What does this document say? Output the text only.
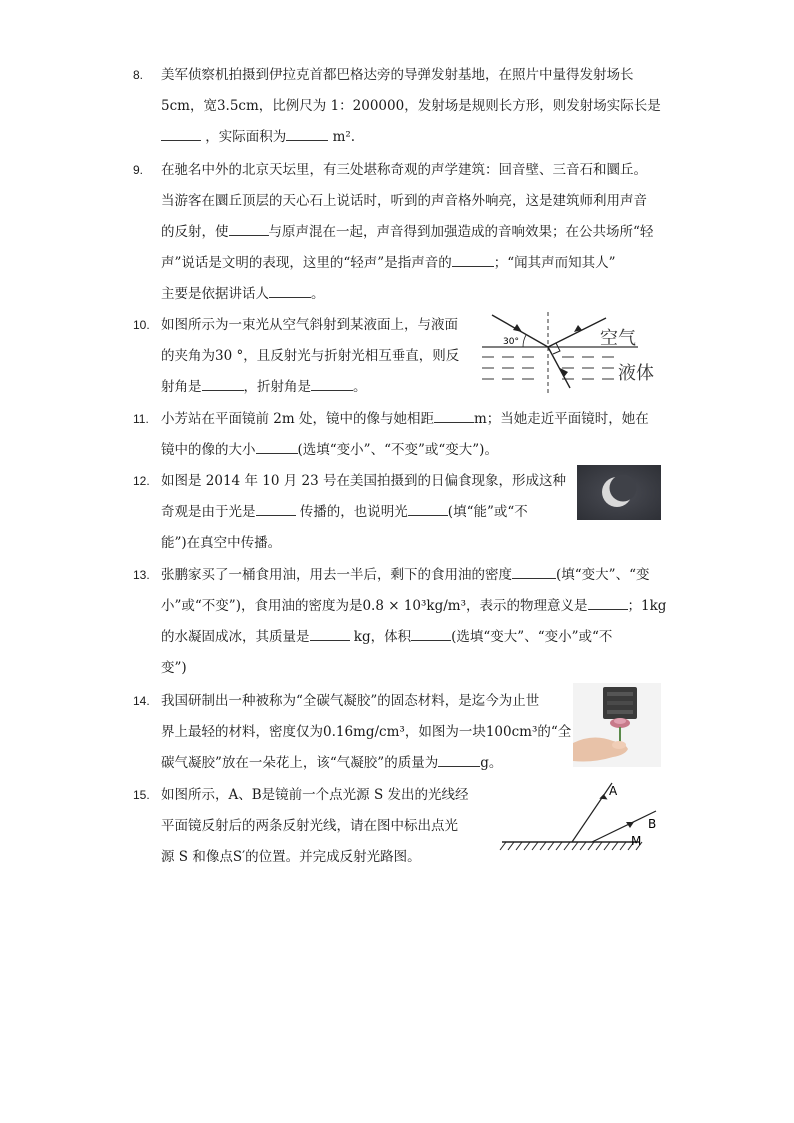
8.	美军侦察机拍摄到伊拉克首都巴格达旁的导弹发射基地，在照片中量得发射场长
5cm，宽3.5cm，比例尺为 1：200000，发射场是规则长方形，则发射场实际长是
，实际面积为	m².
9.	在驰名中外的北京天坛里，有三处堪称奇观的声学建筑：回音壁、三音石和圜丘。
当游客在圜丘顶层的天心石上说话时，听到的声音格外响亮，这是建筑师利用声音
的反射，使	与原声混在一起，声音得到加强造成的音响效果；在公共场所“轻
声”说话是文明的表现，这里的“轻声”是指声音的	；“闻其声而知其人”
主要是依据讲话人	。
10. 如图所示为一束光从空气斜射到某液面上，与液面
的夹角为30 °，且反射光与折射光相互垂直，则反
射角是	，折射角是	。
30°	空气
液体
11. 小芳站在平面镜前 2m 处，镜中的像与她相距	m；当她走近平面镜时，她在
镜中的像的大小	(选填“变小”、“不变”或“变大”)。
12. 如图是 2014 年 10 月 23 号在美国拍摄到的日偏食现象，形成这种
奇观是由于光是	传播的，也说明光	(填“能”或“不
能”)在真空中传播。
13. 张鹏家买了一桶食用油，用去一半后，剩下的食用油的密度	(填“变大”、“变
小”或“不变”)，食用油的密度为是0.8 × 10³kg/m³，表示的物理意义是	；1kg
的水凝固成冰，其质量是	kg，体积	(选填“变大”、“变小”或“不
变”)
14. 我国研制出一种被称为“全碳气凝胶”的固态材料，是迄今为止世
界上最轻的材料，密度仅为0.16mg/cm³，如图为一块100cm³的“全
碳气凝胶”放在一朵花上，该“气凝胶”的质量为	g。
15. 如图所示，A、B是镜前一个点光源 S 发出的光线经
平面镜反射后的两条反射光线，请在图中标出点光
源 S 和像点S′的位置。并完成反射光路图。
A
B
M
